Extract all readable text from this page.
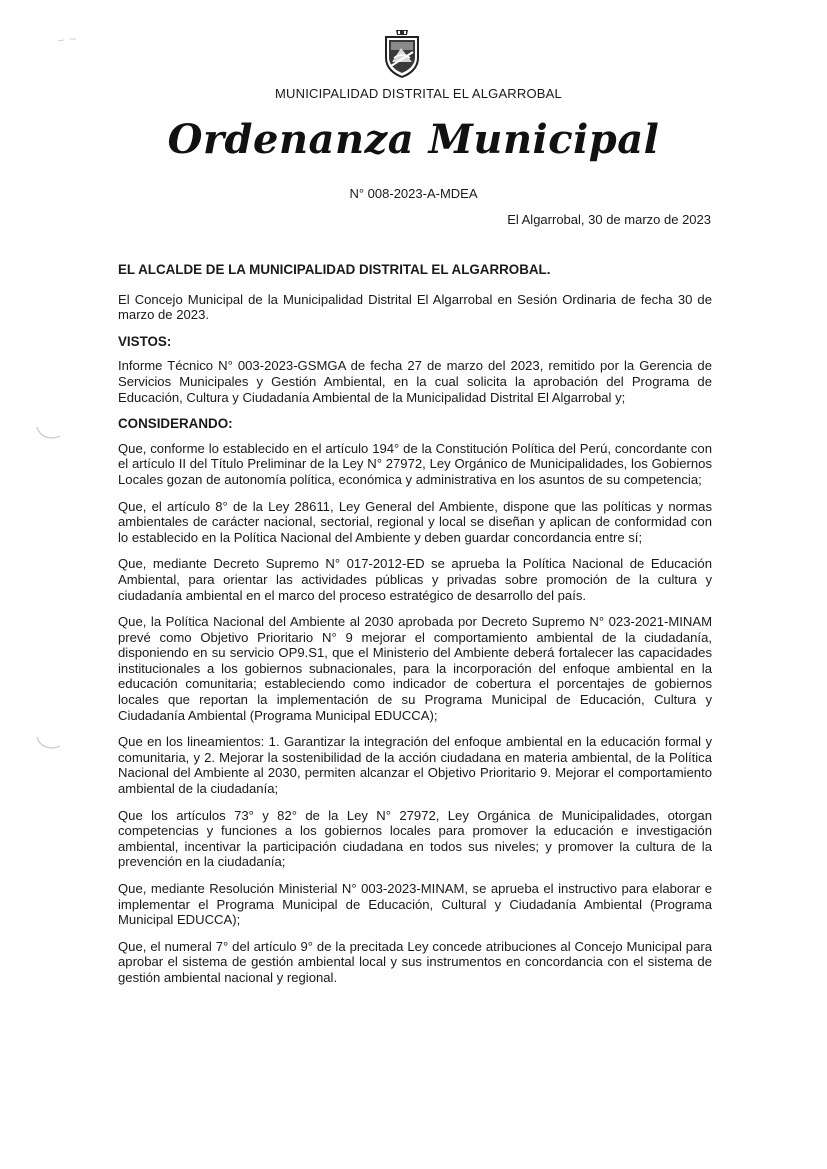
MUNICIPALIDAD DISTRITAL EL ALGARROBAL
Ordenanza Municipal
N° 008-2023-A-MDEA
El Algarrobal, 30 de marzo de 2023

EL ALCALDE DE LA MUNICIPALIDAD DISTRITAL EL ALGARROBAL.

El Concejo Municipal de la Municipalidad Distrital El Algarrobal en Sesión Ordinaria de fecha 30 de marzo de 2023.

VISTOS:

Informe Técnico N° 003-2023-GSMGA de fecha 27 de marzo del 2023, remitido por la Gerencia de Servicios Municipales y Gestión Ambiental, en la cual solicita la aprobación del Programa de Educación, Cultura y Ciudadanía Ambiental de la Municipalidad Distrital El Algarrobal y;

CONSIDERANDO:

Que, conforme lo establecido en el artículo 194° de la Constitución Política del Perú, concordante con el artículo II del Título Preliminar de la Ley N° 27972, Ley Orgánico de Municipalidades, los Gobiernos Locales gozan de autonomía política, económica y administrativa en los asuntos de su competencia;

Que, el artículo 8° de la Ley 28611, Ley General del Ambiente, dispone que las políticas y normas ambientales de carácter nacional, sectorial, regional y local se diseñan y aplican de conformidad con lo establecido en la Política Nacional del Ambiente y deben guardar concordancia entre sí;

Que, mediante Decreto Supremo N° 017-2012-ED se aprueba la Política Nacional de Educación Ambiental, para orientar las actividades públicas y privadas sobre promoción de la cultura y ciudadanía ambiental en el marco del proceso estratégico de desarrollo del país.

Que, la Política Nacional del Ambiente al 2030 aprobada por Decreto Supremo N° 023-2021-MINAM prevé como Objetivo Prioritario N° 9 mejorar el comportamiento ambiental de la ciudadanía, disponiendo en su servicio OP9.S1, que el Ministerio del Ambiente deberá fortalecer las capacidades institucionales a los gobiernos subnacionales, para la incorporación del enfoque ambiental en la educación comunitaria; estableciendo como indicador de cobertura el porcentajes de gobiernos locales que reportan la implementación de su Programa Municipal de Educación, Cultura y Ciudadanía Ambiental (Programa Municipal EDUCCA);

Que en los lineamientos: 1. Garantizar la integración del enfoque ambiental en la educación formal y comunitaria, y 2. Mejorar la sostenibilidad de la acción ciudadana en materia ambiental, de la Política Nacional del Ambiente al 2030, permiten alcanzar el Objetivo Prioritario 9. Mejorar el comportamiento ambiental de la ciudadanía;

Que los artículos 73° y 82° de la Ley N° 27972, Ley Orgánica de Municipalidades, otorgan competencias y funciones a los gobiernos locales para promover la educación e investigación ambiental, incentivar la participación ciudadana en todos sus niveles; y promover la cultura de la prevención en la ciudadanía;

Que, mediante Resolución Ministerial N° 003-2023-MINAM, se aprueba el instructivo para elaborar e implementar el Programa Municipal de Educación, Cultural y Ciudadanía Ambiental (Programa Municipal EDUCCA);

Que, el numeral 7° del artículo 9° de la precitada Ley concede atribuciones al Concejo Municipal para aprobar el sistema de gestión ambiental local y sus instrumentos en concordancia con el sistema de gestión ambiental nacional y regional.
